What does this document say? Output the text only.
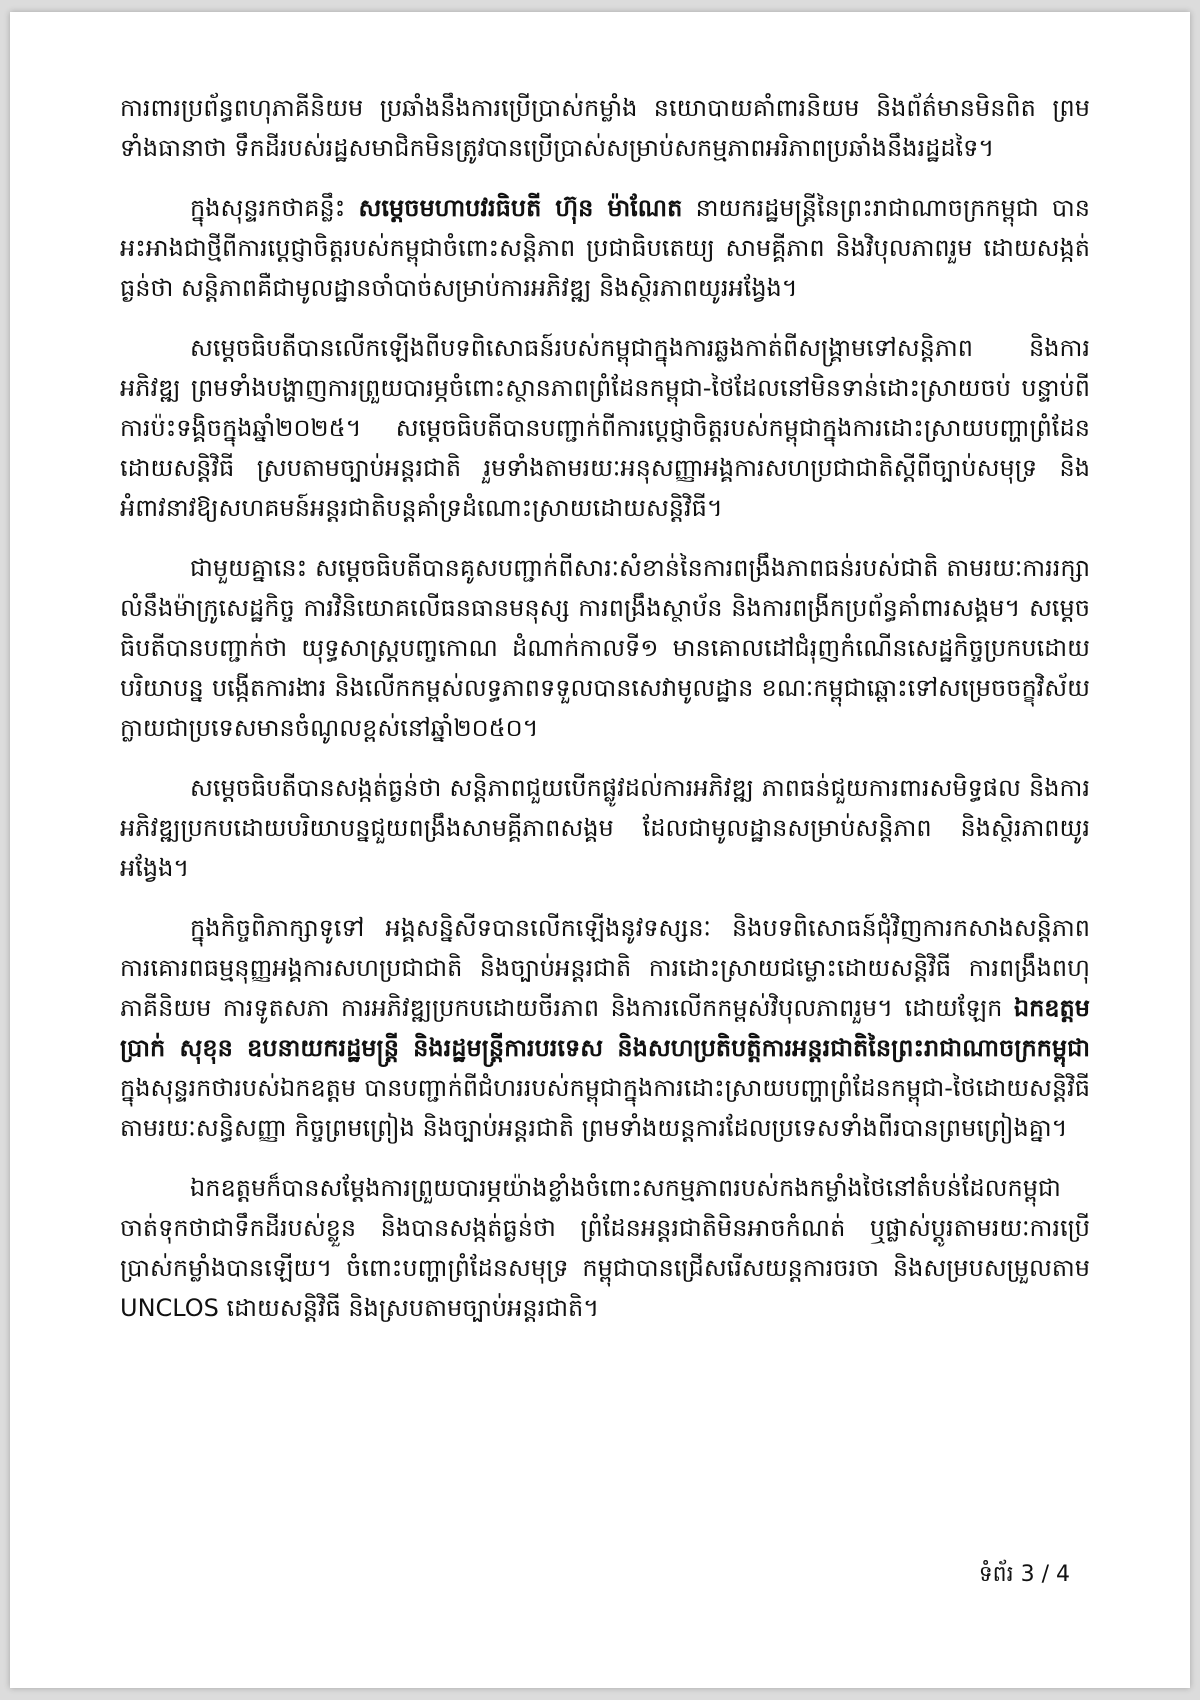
ការពារប្រព័ន្ធពហុភាគីនិយម ប្រឆាំងនឹងការប្រើប្រាស់កម្លាំង នយោបាយគាំពារនិយម និងព័ត៌មានមិនពិត ព្រមទាំងធានាថា ទឹកដីរបស់រដ្ឋសមាជិកមិនត្រូវបានប្រើប្រាស់សម្រាប់សកម្មភាពអរិភាពប្រឆាំងនឹងរដ្ឋដទៃ។

ក្នុងសុន្ទរកថាគន្លឹះ សម្តេចមហាបវរធិបតី ហ៊ុន ម៉ាណែត នាយករដ្ឋមន្ត្រីនៃព្រះរាជាណាចក្រកម្ពុជា បានអះអាងជាថ្មីពីការប្តេជ្ញាចិត្តរបស់កម្ពុជាចំពោះសន្តិភាព ប្រជាធិបតេយ្យ សាមគ្គីភាព និងវិបុលភាពរួម ដោយសង្កត់ធ្ងន់ថា សន្តិភាពគឺជាមូលដ្ឋានចាំបាច់សម្រាប់ការអភិវឌ្ឍ និងស្ថិរភាពយូរអង្វែង។

សម្តេចធិបតីបានលើកឡើងពីបទពិសោធន៍របស់កម្ពុជាក្នុងការឆ្លងកាត់ពីសង្គ្រាមទៅសន្តិភាព និងការអភិវឌ្ឍ ព្រមទាំងបង្ហាញការព្រួយបារម្ភចំពោះស្ថានភាពព្រំដែនកម្ពុជា-ថៃដែលនៅមិនទាន់ដោះស្រាយចប់ បន្ទាប់ពីការប៉ះទង្គិចក្នុងឆ្នាំ២០២៥។ សម្តេចធិបតីបានបញ្ជាក់ពីការប្តេជ្ញាចិត្តរបស់កម្ពុជាក្នុងការដោះស្រាយបញ្ហាព្រំដែនដោយសន្តិវិធី ស្របតាមច្បាប់អន្តរជាតិ រួមទាំងតាមរយៈអនុសញ្ញាអង្គការសហប្រជាជាតិស្តីពីច្បាប់សមុទ្រ និងអំពាវនាវឱ្យសហគមន៍អន្តរជាតិបន្តគាំទ្រដំណោះស្រាយដោយសន្តិវិធី។

ជាមួយគ្នានេះ សម្តេចធិបតីបានគូសបញ្ជាក់ពីសារៈសំខាន់នៃការពង្រឹងភាពធន់របស់ជាតិ តាមរយៈការរក្សាលំនឹងម៉ាក្រូសេដ្ឋកិច្ច ការវិនិយោគលើធនធានមនុស្ស ការពង្រឹងស្ថាប័ន និងការពង្រីកប្រព័ន្ធគាំពារសង្គម។ សម្តេចធិបតីបានបញ្ជាក់ថា យុទ្ធសាស្ត្របញ្ចកោណ ដំណាក់កាលទី១ មានគោលដៅជំរុញកំណើនសេដ្ឋកិច្ចប្រកបដោយបរិយាបន្ន បង្កើតការងារ និងលើកកម្ពស់លទ្ធភាពទទួលបានសេវាមូលដ្ឋាន ខណៈកម្ពុជាឆ្ពោះទៅសម្រេចចក្ខុវិស័យក្លាយជាប្រទេសមានចំណូលខ្ពស់នៅឆ្នាំ២០៥០។

សម្តេចធិបតីបានសង្កត់ធ្ងន់ថា សន្តិភាពជួយបើកផ្លូវដល់ការអភិវឌ្ឍ ភាពធន់ជួយការពារសមិទ្ធផល និងការអភិវឌ្ឍប្រកបដោយបរិយាបន្នជួយពង្រឹងសាមគ្គីភាពសង្គម ដែលជាមូលដ្ឋានសម្រាប់សន្តិភាព និងស្ថិរភាពយូរអង្វែង។

ក្នុងកិច្ចពិភាក្សាទូទៅ អង្គសន្និសីទបានលើកឡើងនូវទស្សនៈ និងបទពិសោធន៍ជុំវិញការកសាងសន្តិភាព ការគោរពធម្មនុញ្ញអង្គការសហប្រជាជាតិ និងច្បាប់អន្តរជាតិ ការដោះស្រាយជម្លោះដោយសន្តិវិធី ការពង្រឹងពហុភាគីនិយម ការទូតសភា ការអភិវឌ្ឍប្រកបដោយចីរភាព និងការលើកកម្ពស់វិបុលភាពរួម។ ដោយឡែក ឯកឧត្តម ប្រាក់ សុខុន ឧបនាយករដ្ឋមន្ត្រី និងរដ្ឋមន្ត្រីការបរទេស និងសហប្រតិបត្តិការអន្តរជាតិនៃព្រះរាជាណាចក្រកម្ពុជា ក្នុងសុន្ទរកថារបស់ឯកឧត្តម បានបញ្ជាក់ពីជំហររបស់កម្ពុជាក្នុងការដោះស្រាយបញ្ហាព្រំដែនកម្ពុជា-ថៃដោយសន្តិវិធី តាមរយៈសន្ធិសញ្ញា កិច្ចព្រមព្រៀង និងច្បាប់អន្តរជាតិ ព្រមទាំងយន្តការដែលប្រទេសទាំងពីរបានព្រមព្រៀងគ្នា។

ឯកឧត្តមក៏បានសម្តែងការព្រួយបារម្ភយ៉ាងខ្លាំងចំពោះសកម្មភាពរបស់កងកម្លាំងថៃនៅតំបន់ដែលកម្ពុជាចាត់ទុកថាជាទឹកដីរបស់ខ្លួន និងបានសង្កត់ធ្ងន់ថា ព្រំដែនអន្តរជាតិមិនអាចកំណត់ ឬផ្លាស់ប្តូរតាមរយៈការប្រើប្រាស់កម្លាំងបានឡើយ។ ចំពោះបញ្ហាព្រំដែនសមុទ្រ កម្ពុជាបានជ្រើសរើសយន្តការចរចា និងសម្របសម្រួលតាម UNCLOS ដោយសន្តិវិធី និងស្របតាមច្បាប់អន្តរជាតិ។

ទំព័រ 3 / 4
